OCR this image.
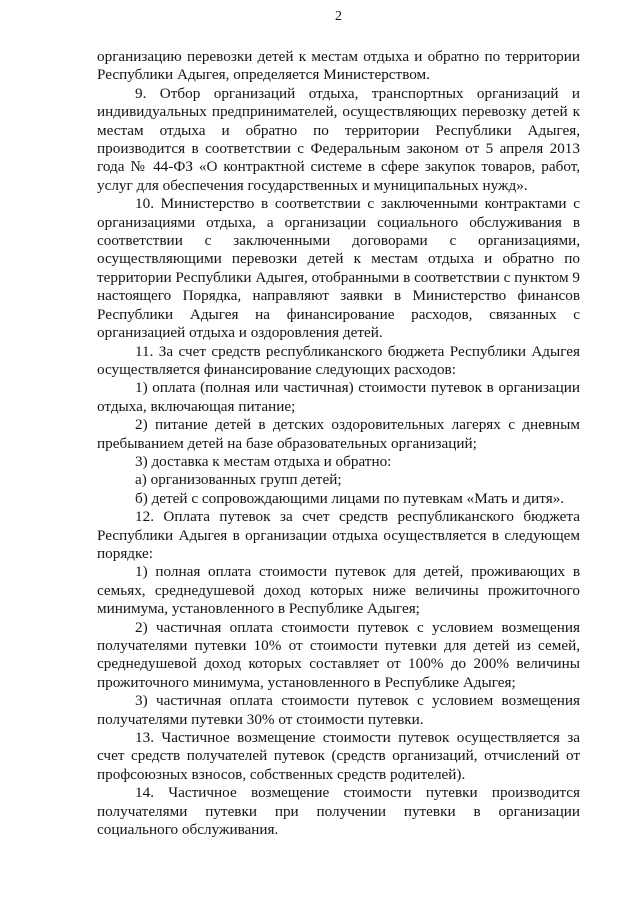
2

организацию перевозки детей к местам отдыха и обратно по территории Республики Адыгея, определяется Министерством.

9. Отбор организаций отдыха, транспортных организаций и индивидуальных предпринимателей, осуществляющих перевозку детей к местам отдыха и обратно по территории Республики Адыгея, производится в соответствии с Федеральным законом от 5 апреля 2013 года № 44-ФЗ «О контрактной системе в сфере закупок товаров, работ, услуг для обеспечения государственных и муниципальных нужд».

10. Министерство в соответствии с заключенными контрактами с организациями отдыха, а организации социального обслуживания в соответствии с заключенными договорами с организациями, осуществляющими перевозки детей к местам отдыха и обратно по территории Республики Адыгея, отобранными в соответствии с пунктом 9 настоящего Порядка, направляют заявки в Министерство финансов Республики Адыгея на финансирование расходов, связанных с организацией отдыха и оздоровления детей.

11. За счет средств республиканского бюджета Республики Адыгея осуществляется финансирование следующих расходов:

1) оплата (полная или частичная) стоимости путевок в организации отдыха, включающая питание;

2) питание детей в детских оздоровительных лагерях с дневным пребыванием детей на базе образовательных организаций;

3) доставка к местам отдыха и обратно:

а) организованных групп детей;

б) детей с сопровождающими лицами по путевкам «Мать и дитя».

12. Оплата путевок за счет средств республиканского бюджета Республики Адыгея в организации отдыха осуществляется в следующем порядке:

1) полная оплата стоимости путевок для детей, проживающих в семьях, среднедушевой доход которых ниже величины прожиточного минимума, установленного в Республике Адыгея;

2) частичная оплата стоимости путевок с условием возмещения получателями путевки 10% от стоимости путевки для детей из семей, среднедушевой доход которых составляет от 100% до 200% величины прожиточного минимума, установленного в Республике Адыгея;

3) частичная оплата стоимости путевок с условием возмещения получателями путевки 30% от стоимости путевки.

13. Частичное возмещение стоимости путевок осуществляется за счет средств получателей путевок (средств организаций, отчислений от профсоюзных взносов, собственных средств родителей).

14. Частичное возмещение стоимости путевки производится получателями путевки при получении путевки в организации социального обслуживания.
